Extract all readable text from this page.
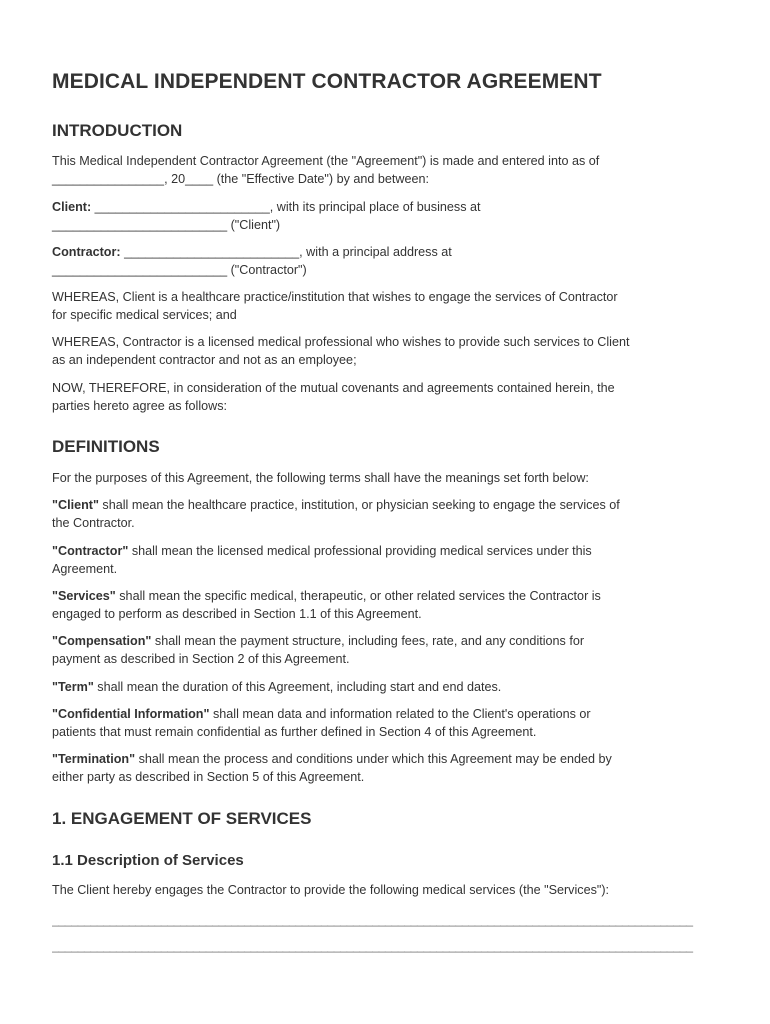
MEDICAL INDEPENDENT CONTRACTOR AGREEMENT
INTRODUCTION

This Medical Independent Contractor Agreement (the "Agreement") is made and entered into as of
________________, 20____ (the "Effective Date") by and between:

Client: _________________________, with its principal place of business at
_________________________ ("Client")

Contractor: _________________________, with a principal address at
_________________________ ("Contractor")

WHEREAS, Client is a healthcare practice/institution that wishes to engage the services of Contractor
for specific medical services; and

WHEREAS, Contractor is a licensed medical professional who wishes to provide such services to Client
as an independent contractor and not as an employee;

NOW, THEREFORE, in consideration of the mutual covenants and agreements contained herein, the
parties hereto agree as follows:

DEFINITIONS

For the purposes of this Agreement, the following terms shall have the meanings set forth below:

"Client" shall mean the healthcare practice, institution, or physician seeking to engage the services of
the Contractor.

"Contractor" shall mean the licensed medical professional providing medical services under this
Agreement.

"Services" shall mean the specific medical, therapeutic, or other related services the Contractor is
engaged to perform as described in Section 1.1 of this Agreement.

"Compensation" shall mean the payment structure, including fees, rate, and any conditions for
payment as described in Section 2 of this Agreement.

"Term" shall mean the duration of this Agreement, including start and end dates.

"Confidential Information" shall mean data and information related to the Client's operations or
patients that must remain confidential as further defined in Section 4 of this Agreement.

"Termination" shall mean the process and conditions under which this Agreement may be ended by
either party as described in Section 5 of this Agreement.

1. ENGAGEMENT OF SERVICES
1.1 Description of Services

The Client hereby engages the Contractor to provide the following medical services (the "Services"):

____________________________________________________________________________________________________

____________________________________________________________________________________________________
